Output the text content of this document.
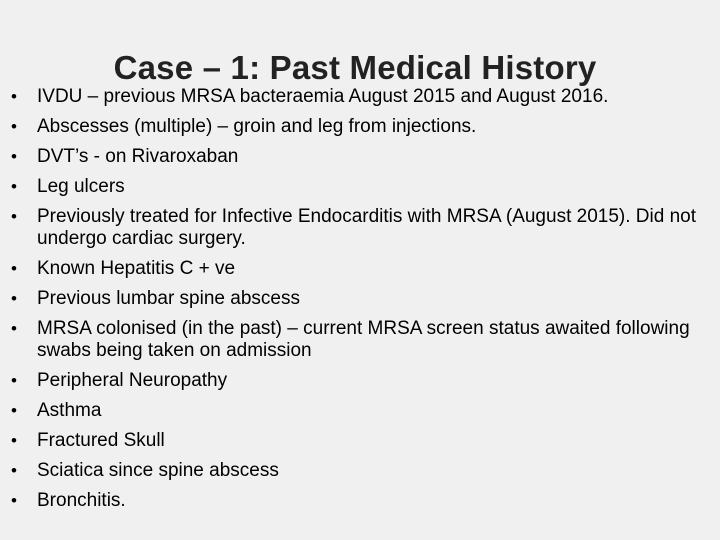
Case – 1: Past Medical History
• IVDU – previous MRSA bacteraemia August 2015 and August 2016.
• Abscesses (multiple) – groin and leg from injections.
• DVT’s - on Rivaroxaban
• Leg ulcers
• Previously treated for Infective Endocarditis with MRSA (August 2015). Did not undergo cardiac surgery.
• Known Hepatitis C + ve
• Previous lumbar spine abscess
• MRSA colonised (in the past) – current MRSA screen status awaited following swabs being taken on admission
• Peripheral Neuropathy
• Asthma
• Fractured Skull
• Sciatica since spine abscess
• Bronchitis.
